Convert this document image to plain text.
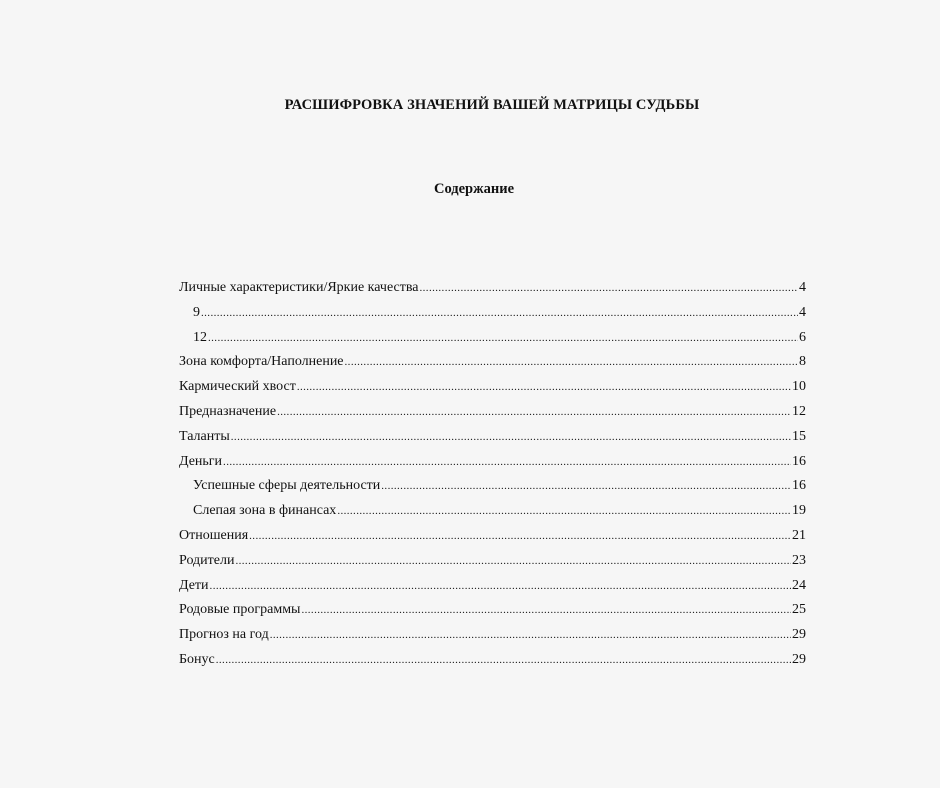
РАСШИФРОВКА ЗНАЧЕНИЙ ВАШЕЙ МАТРИЦЫ СУДЬБЫ
Содержание
Личные характеристики/Яркие качества .....	4
9 .....	4
12 .....	6
Зона комфорта/Наполнение .....	8
Кармический хвост .....	10
Предназначение .....	12
Таланты .....	15
Деньги .....	16
Успешные сферы деятельности .....	16
Слепая зона в финансах .....	19
Отношения .....	21
Родители .....	23
Дети .....	24
Родовые программы .....	25
Прогноз на год .....	29
Бонус .....	29
